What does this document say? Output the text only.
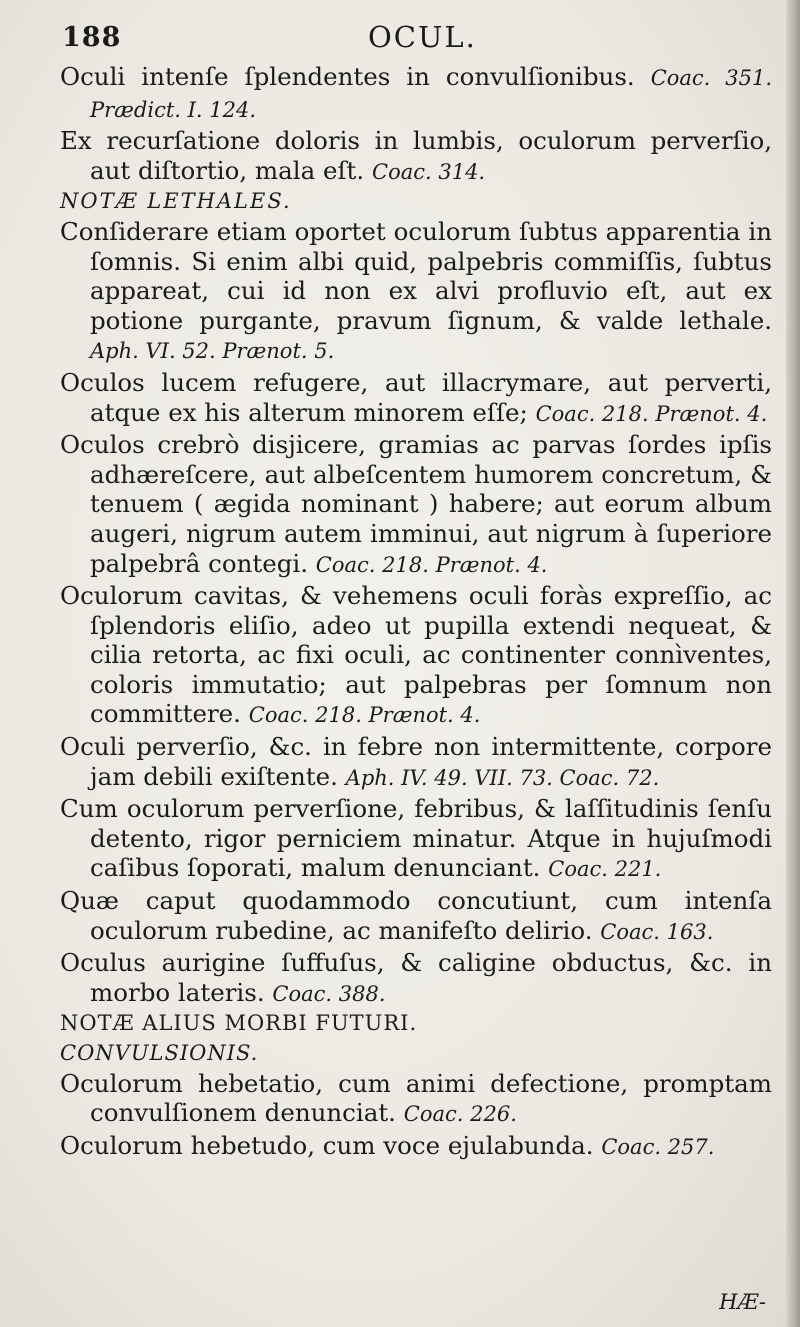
188	OCUL.

Oculi intenſe ſplendentes in convulſionibus. Coac. 351. Prædict. I. 124.

Ex recurſatione doloris in lumbis, oculorum perverſio, aut diſtortio, mala eſt. Coac. 314.

NOTÆ LETHALES.

Conſiderare etiam oportet oculorum ſubtus apparentia in ſomnis. Si enim albi quid, palpebris commiſſis, ſubtus appareat, cui id non ex alvi profluvio eſt, aut ex potione purgante, pravum ſignum, & valde lethale. Aph. VI. 52. Prænot. 5.

Oculos lucem refugere, aut illacrymare, aut perverti, atque ex his alterum minorem eſſe; Coac. 218. Prænot. 4.

Oculos crebrò disjicere, gramias ac parvas ſordes ipſis adhæreſcere, aut albeſcentem humorem concretum, & tenuem ( ægida nominant ) habere; aut eorum album augeri, nigrum autem imminui, aut nigrum à ſuperiore palpebrâ contegi. Coac. 218. Prænot. 4.

Oculorum cavitas, & vehemens oculi foràs expreſſio, ac ſplendoris eliſio, adeo ut pupilla extendi nequeat, & cilia retorta, ac fixi oculi, ac continenter connìventes, coloris immutatio; aut palpebras per ſomnum non committere. Coac. 218. Prænot. 4.

Oculi perverſio, &c. in febre non intermittente, corpore jam debili exiſtente. Aph. IV. 49. VII. 73. Coac. 72.

Cum oculorum perverſione, febribus, & laſſitudinis ſenſu detento, rigor perniciem minatur. Atque in hujuſmodi caſibus ſoporati, malum denunciant. Coac. 221.

Quæ caput quodammodo concutiunt, cum intenſa oculorum rubedine, ac manifeſto delirio. Coac. 163.

Oculus aurigine ſuffuſus, & caligine obductus, &c. in morbo lateris. Coac. 388.

NOTÆ ALIUS MORBI FUTURI.

CONVULSIONIS.

Oculorum hebetatio, cum animi defectione, promptam convulſionem denunciat. Coac. 226.

Oculorum hebetudo, cum voce ejulabunda. Coac. 257.

HÆ-
